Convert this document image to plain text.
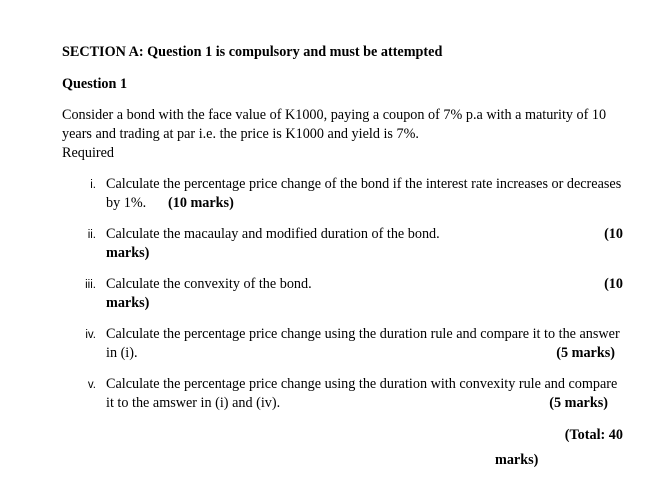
SECTION A: Question 1 is compulsory and must be attempted
Question 1
Consider a bond with the face value of K1000, paying a coupon of 7% p.a with a maturity of 10
years and trading at par i.e. the price is K1000 and yield is 7%.
Required
i. Calculate the percentage price change of the bond if the interest rate increases or decreases
by 1%. (10 marks)
ii. Calculate the macaulay and modified duration of the bond.	(10
marks)
iii. Calculate the convexity of the bond.	(10
marks)
iv. Calculate the percentage price change using the duration rule and compare it to the answer
in (i).	(5 marks)
v. Calculate the percentage price change using the duration with convexity rule and compare
it to the amswer in (i) and (iv).	(5 marks)
(Total: 40
marks)
